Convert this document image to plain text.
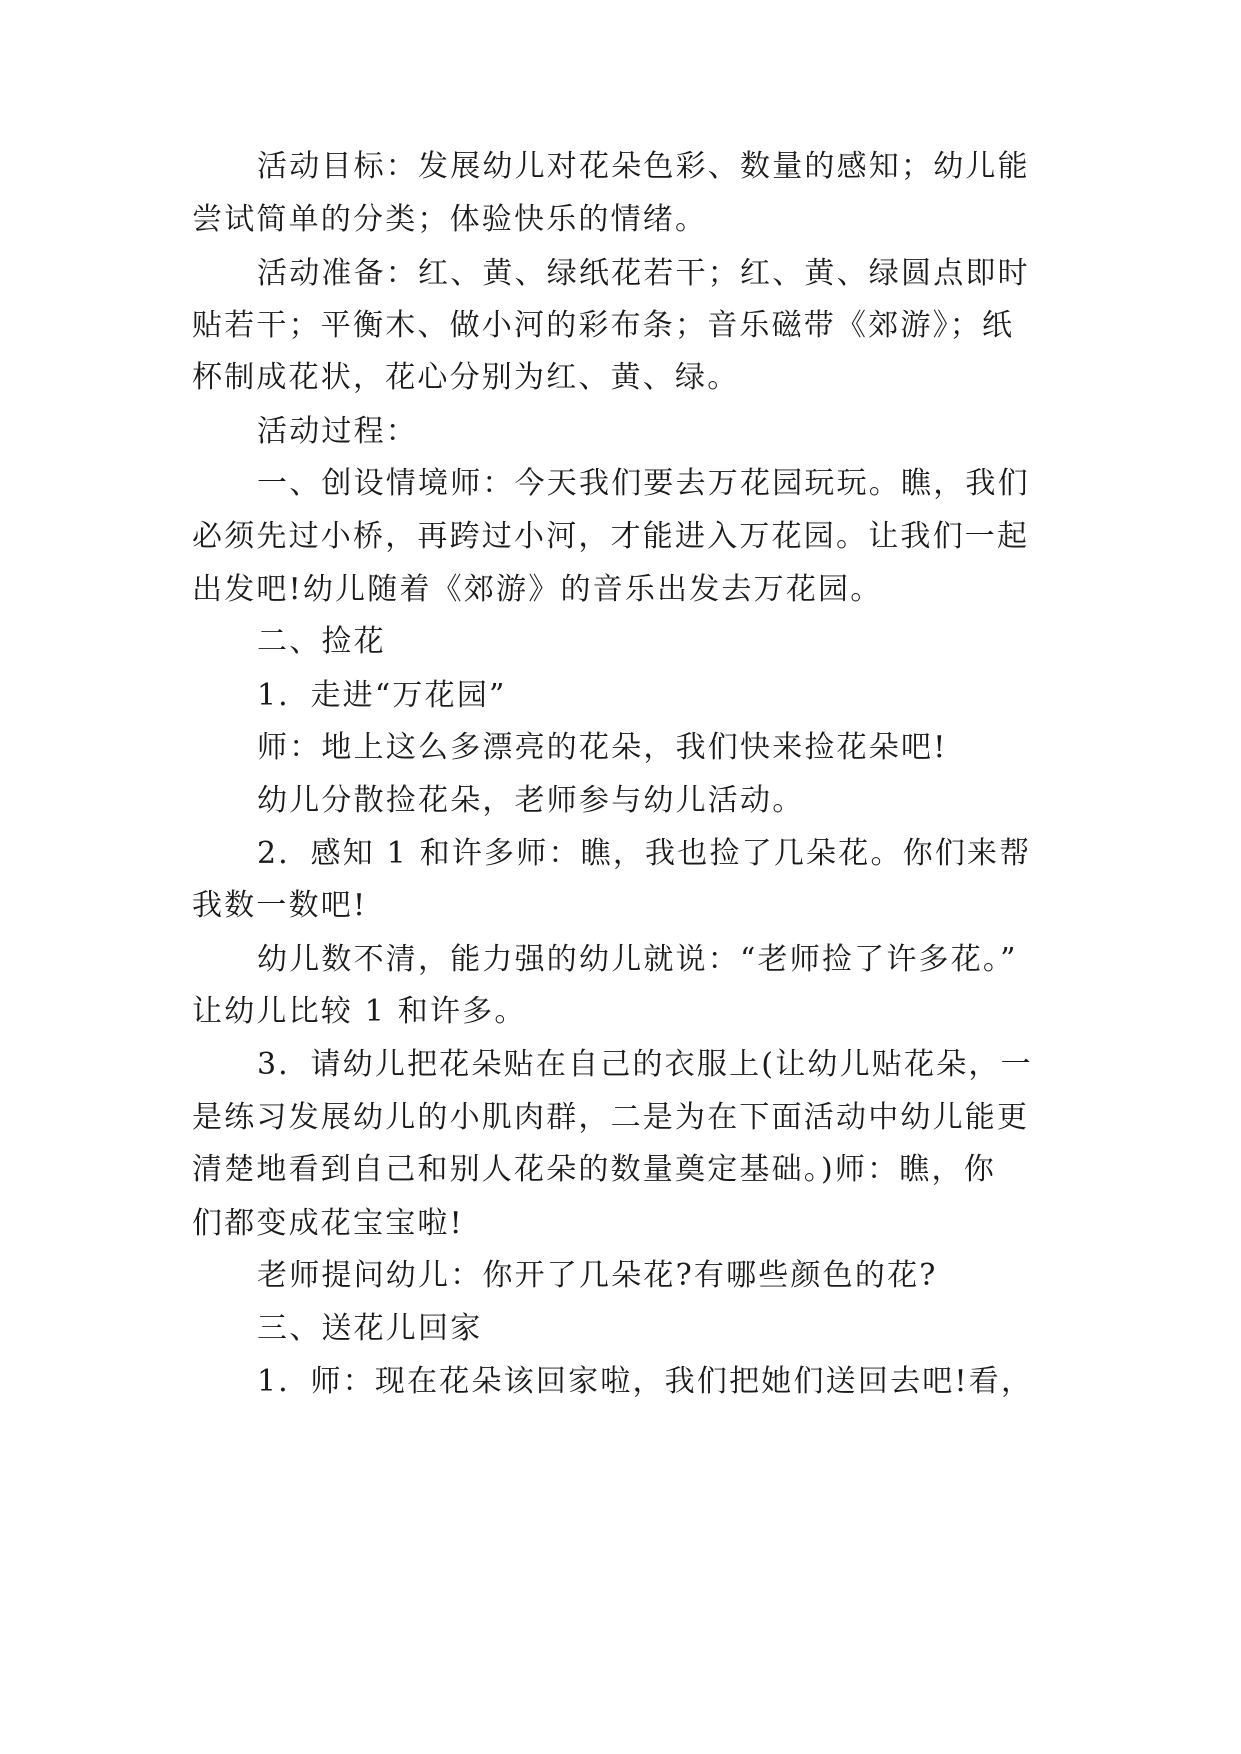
活动目标：发展幼儿对花朵色彩、数量的感知；幼儿能
尝试简单的分类；体验快乐的情绪。
活动准备：红、黄、绿纸花若干；红、黄、绿圆点即时
贴若干；平衡木、做小河的彩布条；音乐磁带《郊游》；纸
杯制成花状，花心分别为红、黄、绿。
活动过程：
一、创设情境师：今天我们要去万花园玩玩。瞧，我们
必须先过小桥，再跨过小河，才能进入万花园。让我们一起
出发吧!幼儿随着《郊游》的音乐出发去万花园。
二、捡花
1．走进“万花园”
师：地上这么多漂亮的花朵，我们快来捡花朵吧!
幼儿分散捡花朵，老师参与幼儿活动。
2．感知 1 和许多师：瞧，我也捡了几朵花。你们来帮
我数一数吧!
幼儿数不清，能力强的幼儿就说：“老师捡了许多花。”
让幼儿比较 1 和许多。
3．请幼儿把花朵贴在自己的衣服上(让幼儿贴花朵，一
是练习发展幼儿的小肌肉群，二是为在下面活动中幼儿能更
清楚地看到自己和别人花朵的数量奠定基础。)师：瞧，你
们都变成花宝宝啦!
老师提问幼儿：你开了几朵花?有哪些颜色的花?
三、送花儿回家
1．师：现在花朵该回家啦，我们把她们送回去吧!看，
